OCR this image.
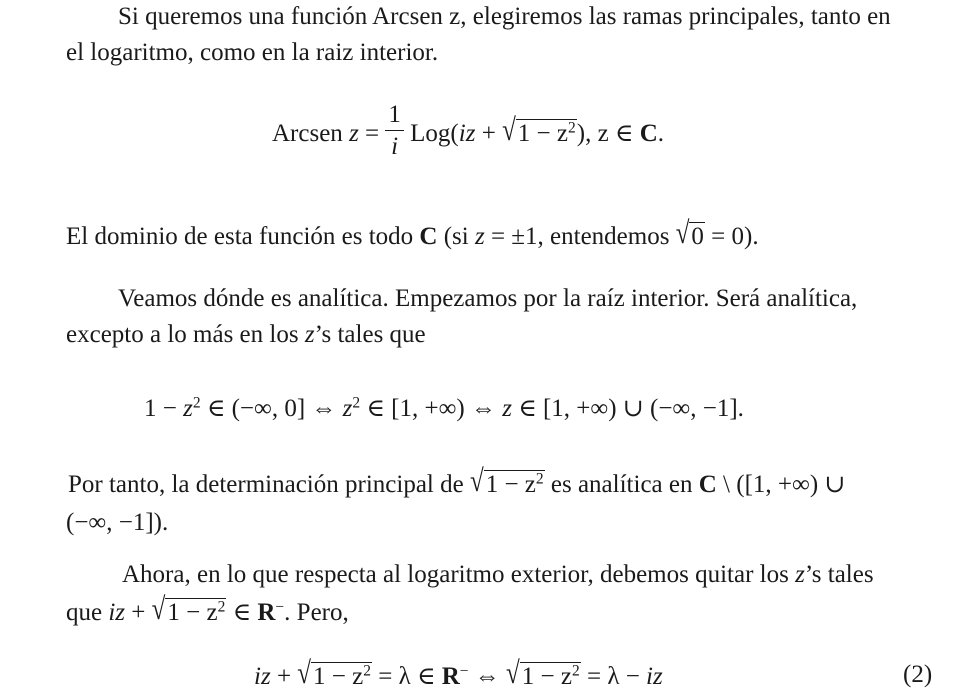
Si queremos una función Arcsen z, elegiremos las ramas principales, tanto en
el logaritmo, como en la raiz interior.
Arcsen $z = \frac{1}{i} Log(iz + √1 - z^2)$, z ∈ C.
El dominio de esta función es todo C (si z = ±1, entendemos √0 = 0).
Veamos dónde es analítica. Empezamos por la raíz interior. Será analítica,
excepto a lo más en los z’s tales que
$1 - z^2$ ∈ (−∞, 0] ⇔ $z^2$ ∈ [1, +∞) ⇔ z ∈ [1, +∞) ∪ (−∞, −1].
Por tanto, la determinación principal de $√1 - z^2$ es analítica en C \ ([1, +∞) ∪
(−∞, −1]).
Ahora, en lo que respecta al logaritmo exterior, debemos quitar los z’s tales
que iz + $√1 - z^2$ ∈ R−. Pero,
iz + $√1 - z^2 = \lambda$ ∈ R− ⇔ $√1 - z^2 = \lambda$ − iz	(2)
